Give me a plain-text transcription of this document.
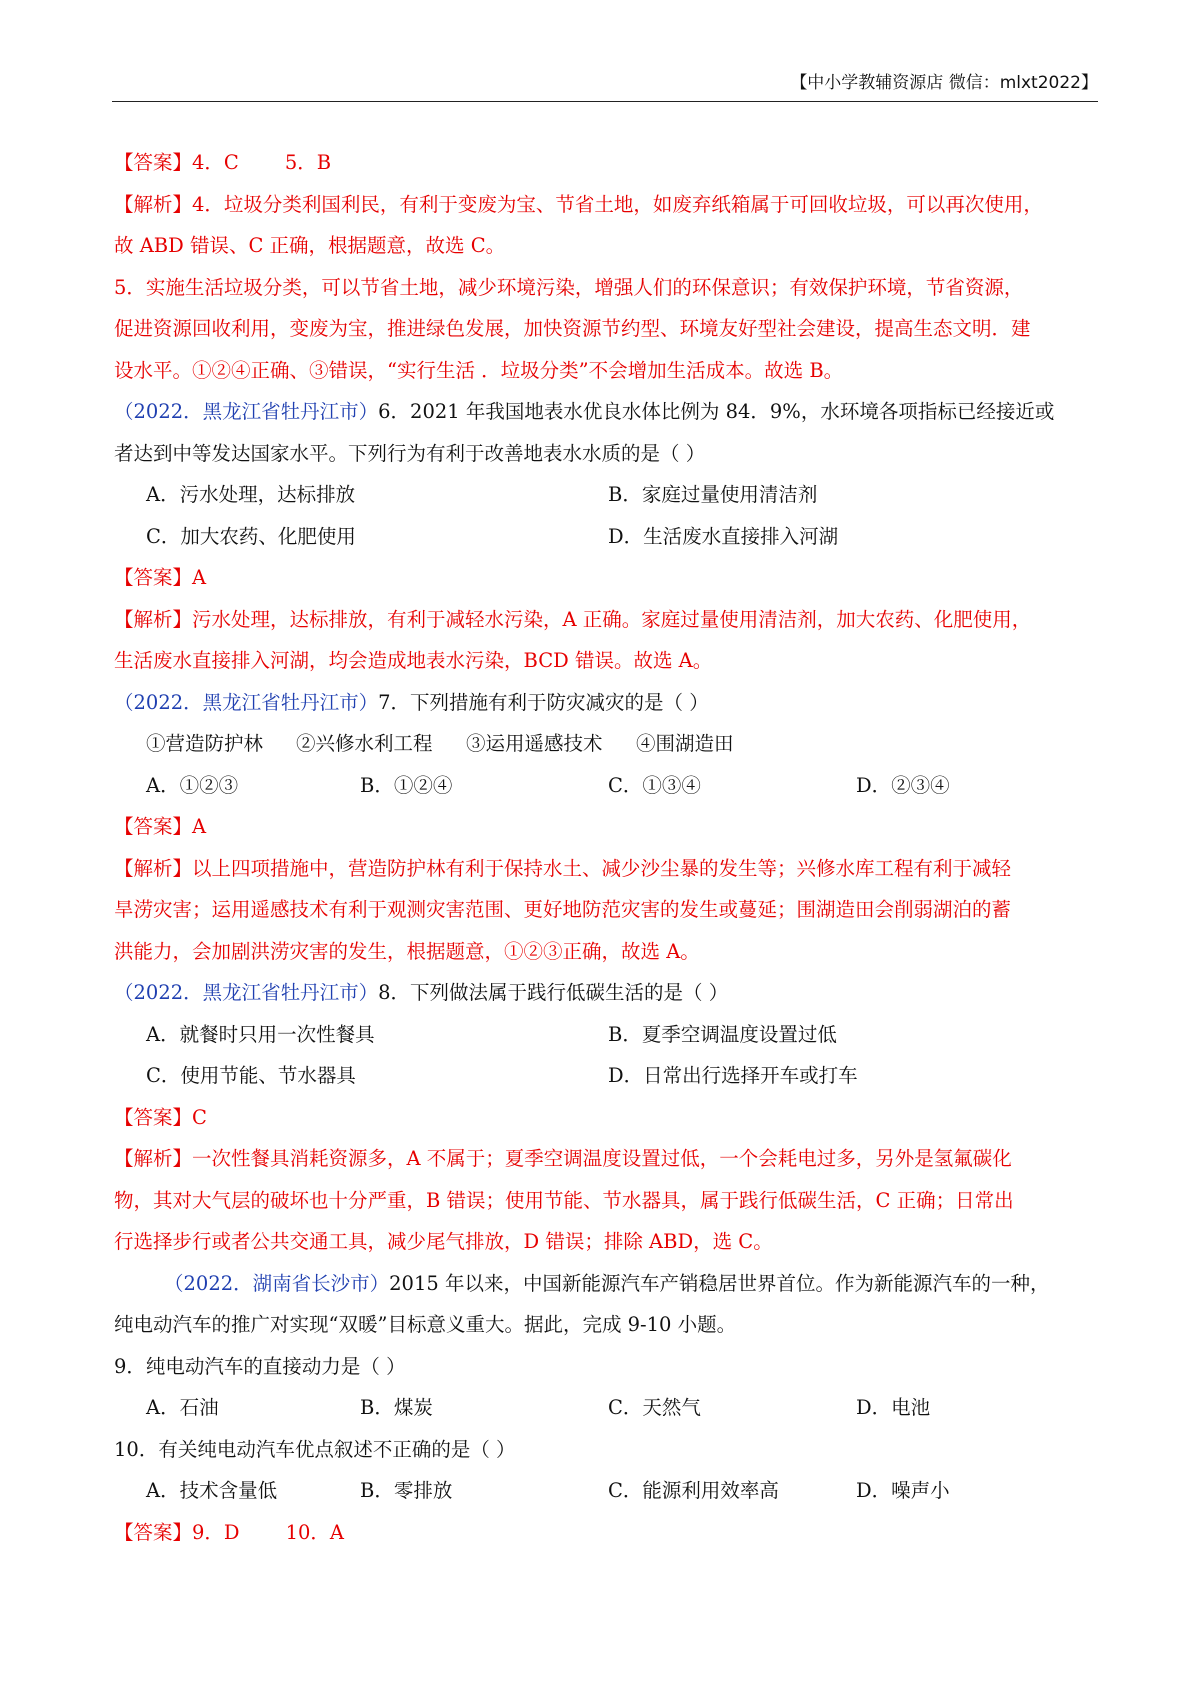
【中小学教辅资源店 微信：mlxt2022】
【答案】4．C 5．B
【解析】4．垃圾分类利国利民，有利于变废为宝、节省土地，如废弃纸箱属于可回收垃圾，可以再次使用，
故 ABD 错误、C 正确，根据题意，故选 C。
5．实施生活垃圾分类，可以节省土地，减少环境污染，增强人们的环保意识；有效保护环境，节省资源，
促进资源回收利用，变废为宝，推进绿色发展，加快资源节约型、环境友好型社会建设，提高生态文明．建
设水平。①②④正确、③错误，“实行生活 ．垃圾分类”不会增加生活成本。故选 B。
（2022．黑龙江省牡丹江市）6．2021 年我国地表水优良水体比例为 84．9%，水环境各项指标已经接近或
者达到中等发达国家水平。下列行为有利于改善地表水水质的是（ ）
A．污水处理，达标排放	B．家庭过量使用清洁剂
C．加大农药、化肥使用	D．生活废水直接排入河湖
【答案】A
【解析】污水处理，达标排放，有利于减轻水污染，A 正确。家庭过量使用清洁剂，加大农药、化肥使用，
生活废水直接排入河湖，均会造成地表水污染，BCD 错误。故选 A。
（2022．黑龙江省牡丹江市）7．下列措施有利于防灾减灾的是（ ）
①营造防护林 ②兴修水利工程 ③运用遥感技术 ④围湖造田
A．①②③	B．①②④	C．①③④	D．②③④
【答案】A
【解析】以上四项措施中，营造防护林有利于保持水土、减少沙尘暴的发生等；兴修水库工程有利于减轻
旱涝灾害；运用遥感技术有利于观测灾害范围、更好地防范灾害的发生或蔓延；围湖造田会削弱湖泊的蓄
洪能力，会加剧洪涝灾害的发生，根据题意，①②③正确，故选 A。
（2022．黑龙江省牡丹江市）8．下列做法属于践行低碳生活的是（ ）
A．就餐时只用一次性餐具	B．夏季空调温度设置过低
C．使用节能、节水器具	D．日常出行选择开车或打车
【答案】C
【解析】一次性餐具消耗资源多，A 不属于；夏季空调温度设置过低，一个会耗电过多，另外是氢氟碳化
物，其对大气层的破坏也十分严重，B 错误；使用节能、节水器具，属于践行低碳生活，C 正确；日常出
行选择步行或者公共交通工具，减少尾气排放，D 错误；排除 ABD，选 C。
（2022．湖南省长沙市）2015 年以来，中国新能源汽车产销稳居世界首位。作为新能源汽车的一种，
纯电动汽车的推广对实现“双暖”目标意义重大。据此，完成 9-10 小题。
9．纯电动汽车的直接动力是（ ）
A．石油	B．煤炭	C．天然气	D．电池
10．有关纯电动汽车优点叙述不正确的是（ ）
A．技术含量低	B．零排放	C．能源利用效率高	D．噪声小
【答案】9．D 10．A
